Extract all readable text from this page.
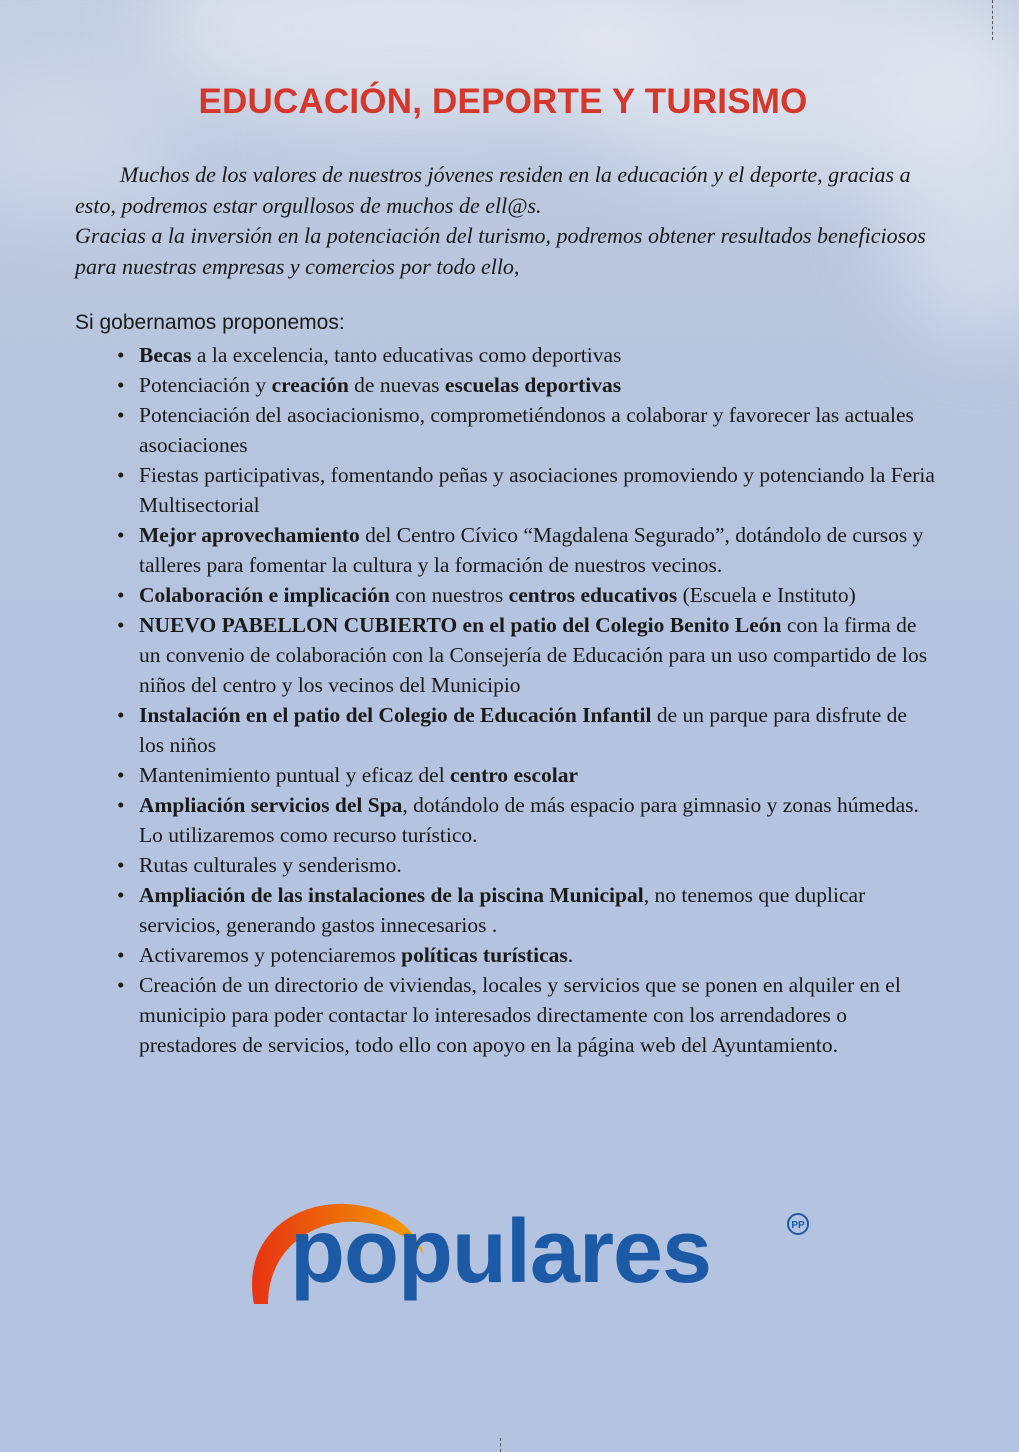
EDUCACIÓN, DEPORTE Y TURISMO

Muchos de los valores de nuestros jóvenes residen en la educación y el deporte, gracias a esto, podremos estar orgullosos de muchos de ell@s.

Gracias a la inversión en la potenciación del turismo, podremos obtener resultados beneficiosos para nuestras empresas y comercios por todo ello,

Si gobernamos proponemos:
• Becas a la excelencia, tanto educativas como deportivas
• Potenciación y creación de nuevas escuelas deportivas
• Potenciación del asociacionismo, comprometiéndonos a colaborar y favorecer las actuales asociaciones
• Fiestas participativas, fomentando peñas y asociaciones promoviendo y potenciando la Feria Multisectorial
• Mejor aprovechamiento del Centro Cívico “Magdalena Segurado”, dotándolo de cursos y talleres para fomentar la cultura y la formación de nuestros vecinos.
• Colaboración e implicación con nuestros centros educativos (Escuela e Instituto)
• NUEVO PABELLON CUBIERTO en el patio del Colegio Benito León con la firma de un convenio de colaboración con la Consejería de Educación para un uso compartido de los niños del centro y los vecinos del Municipio
• Instalación en el patio del Colegio de Educación Infantil de un parque para disfrute de los niños
• Mantenimiento puntual y eficaz del centro escolar
• Ampliación servicios del Spa, dotándolo de más espacio para gimnasio y zonas húmedas. Lo utilizaremos como recurso turístico.
• Rutas culturales y senderismo.
• Ampliación de las instalaciones de la piscina Municipal, no tenemos que duplicar servicios, generando gastos innecesarios .
• Activaremos y potenciaremos políticas turísticas.
• Creación de un directorio de viviendas, locales y servicios que se ponen en alquiler en el municipio para poder contactar lo interesados directamente con los arrendadores o prestadores de servicios, todo ello con apoyo en la página web del Ayuntamiento.
populares	PP
